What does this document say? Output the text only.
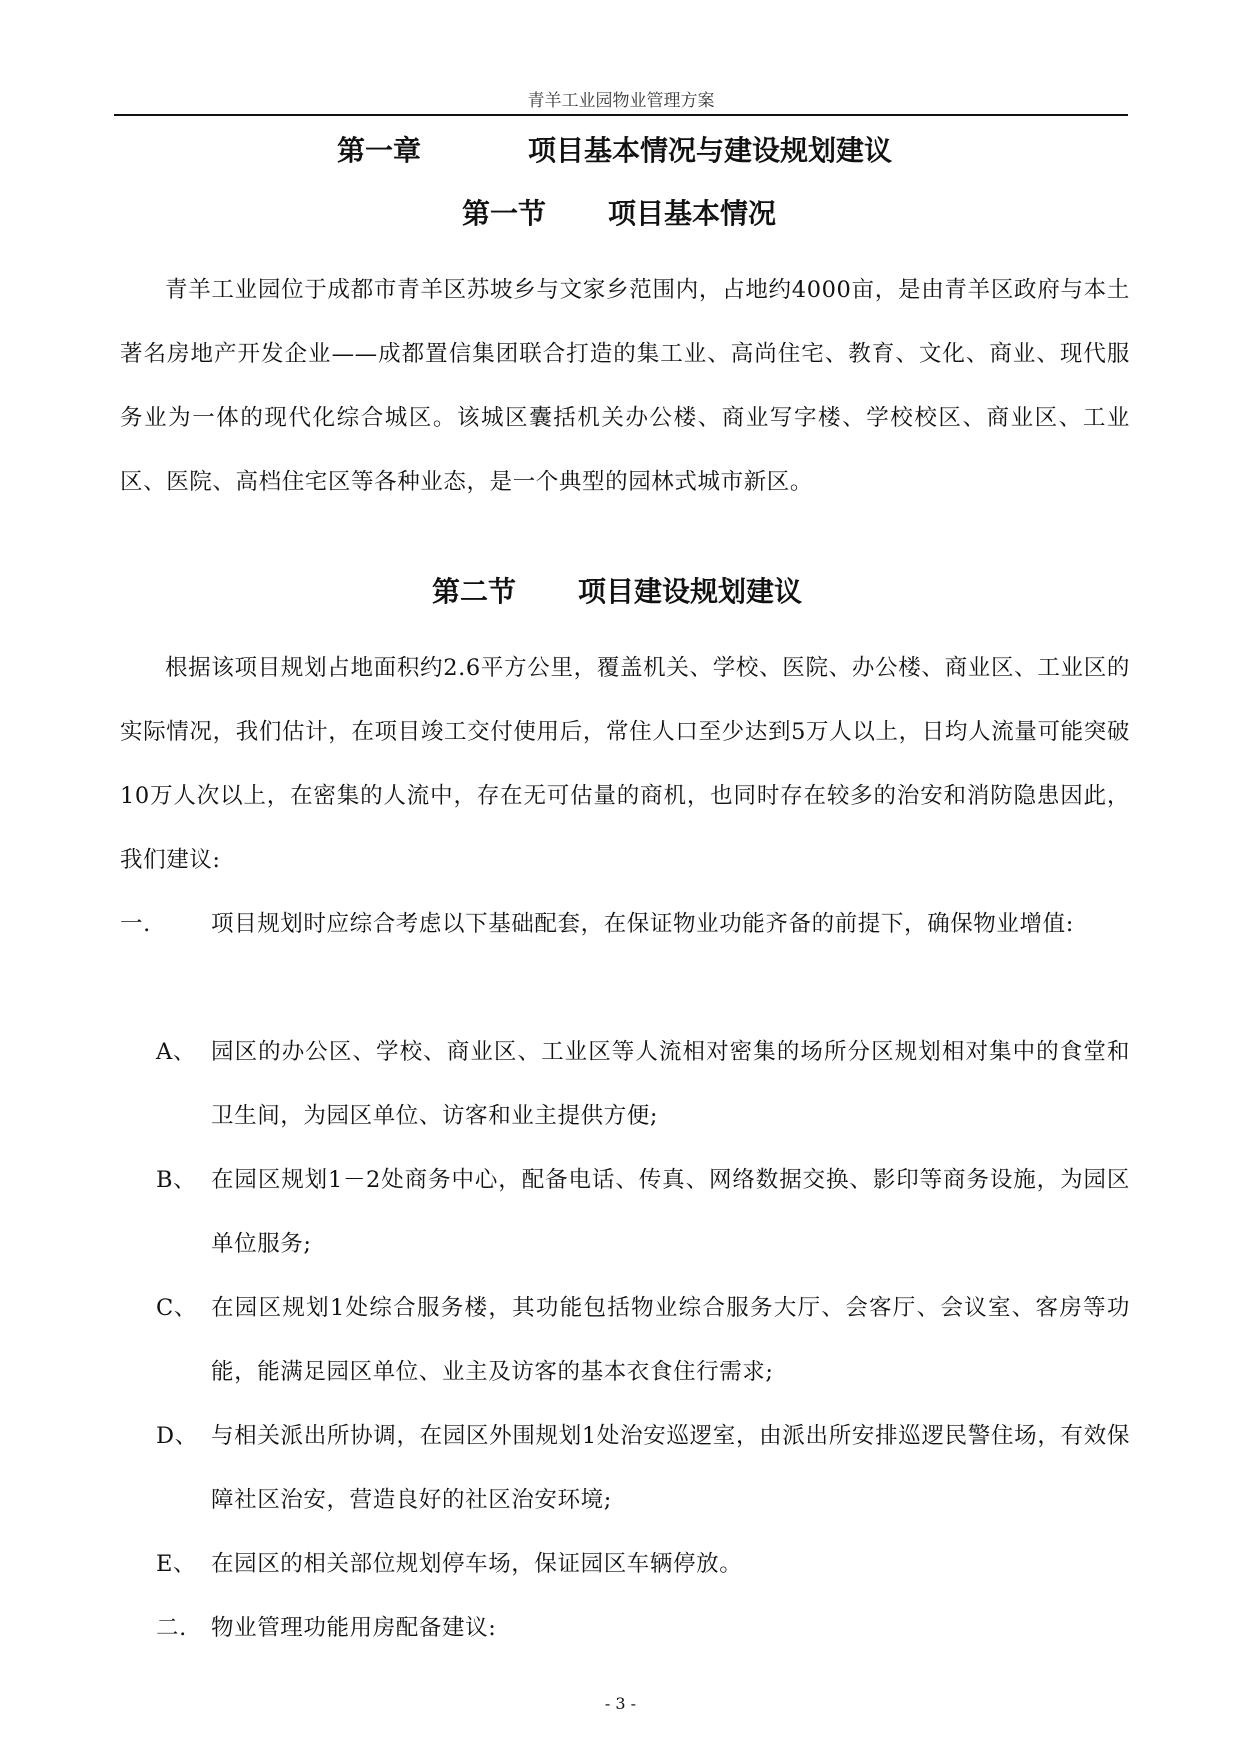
青羊工业园物业管理方案
第一章	项目基本情况与建设规划建议
第一节 项目基本情况
青羊工业园位于成都市青羊区苏坡乡与文家乡范围内，占地约4000亩，是由青羊区政府与本土著名房地产开发企业——成都置信集团联合打造的集工业、高尚住宅、教育、文化、商业、现代服务业为一体的现代化综合城区。该城区囊括机关办公楼、商业写字楼、学校校区、商业区、工业区、医院、高档住宅区等各种业态，是一个典型的园林式城市新区。
第二节 项目建设规划建议
根据该项目规划占地面积约2.6平方公里，覆盖机关、学校、医院、办公楼、商业区、工业区的实际情况，我们估计，在项目竣工交付使用后，常住人口至少达到5万人以上，日均人流量可能突破10万人次以上，在密集的人流中，存在无可估量的商机，也同时存在较多的治安和消防隐患因此，我们建议:
一.	项目规划时应综合考虑以下基础配套，在保证物业功能齐备的前提下，确保物业增值:
A、 园区的办公区、学校、商业区、工业区等人流相对密集的场所分区规划相对集中的食堂和卫生间，为园区单位、访客和业主提供方便;
B、 在园区规划1－2处商务中心，配备电话、传真、网络数据交换、影印等商务设施，为园区单位服务;
C、 在园区规划1处综合服务楼，其功能包括物业综合服务大厅、会客厅、会议室、客房等功能，能满足园区单位、业主及访客的基本衣食住行需求;
D、 与相关派出所协调，在园区外围规划1处治安巡逻室，由派出所安排巡逻民警住场，有效保障社区治安，营造良好的社区治安环境;
E、 在园区的相关部位规划停车场，保证园区车辆停放。
二. 物业管理功能用房配备建议:
- 3 -
